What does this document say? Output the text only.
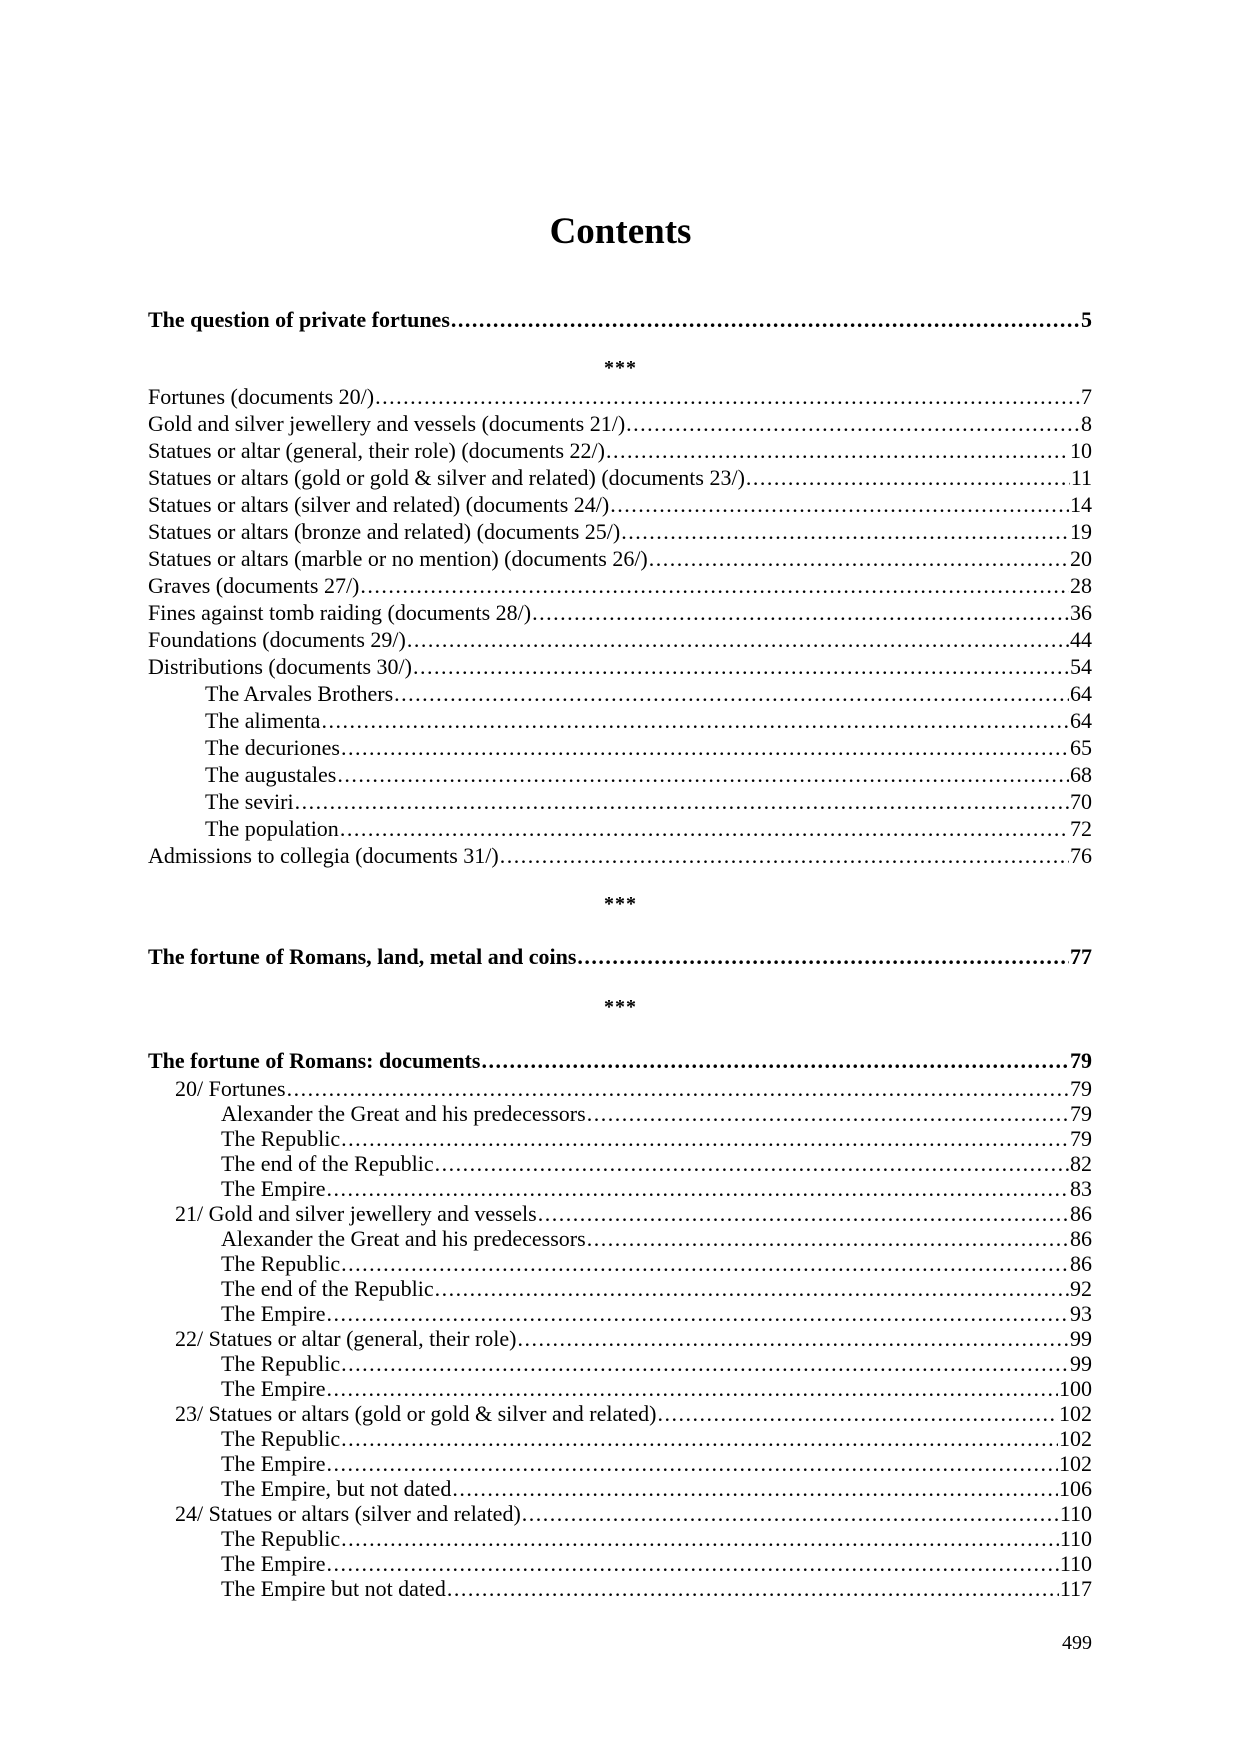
Contents
The question of private fortunes . . .	5
***
Fortunes (documents 20/) . . .	7
Gold and silver jewellery and vessels (documents 21/) . . .	8
Statues or altar (general, their role) (documents 22/) . . .	10
Statues or altars (gold or gold & silver and related) (documents 23/) . . .	11
Statues or altars (silver and related) (documents 24/) . . .	14
Statues or altars (bronze and related) (documents 25/) . . .	19
Statues or altars (marble or no mention) (documents 26/) . . .	20
Graves (documents 27/) . . .	28
Fines against tomb raiding (documents 28/) . . .	36
Foundations (documents 29/) . . .	44
Distributions (documents 30/) . . .	54
The Arvales Brothers . . .	64
The alimenta . . .	64
The decuriones . . .	65
The augustales . . .	68
The seviri . . .	70
The population . . .	72
Admissions to collegia (documents 31/) . . .	76
***
The fortune of Romans, land, metal and coins . . .	77
***
The fortune of Romans: documents . . .	79
20/ Fortunes . . .	79
Alexander the Great and his predecessors . . .	79
The Republic . . .	79
The end of the Republic . . .	82
The Empire . . .	83
21/ Gold and silver jewellery and vessels . . .	86
Alexander the Great and his predecessors . . .	86
The Republic . . .	86
The end of the Republic . . .	92
The Empire . . .	93
22/ Statues or altar (general, their role) . . .	99
The Republic . . .	99
The Empire . . .	100
23/ Statues or altars (gold or gold & silver and related) . . .	102
The Republic . . .	102
The Empire . . .	102
The Empire, but not dated . . .	106
24/ Statues or altars (silver and related) . . .	110
The Republic . . .	110
The Empire . . .	110
The Empire but not dated . . .	117
499
